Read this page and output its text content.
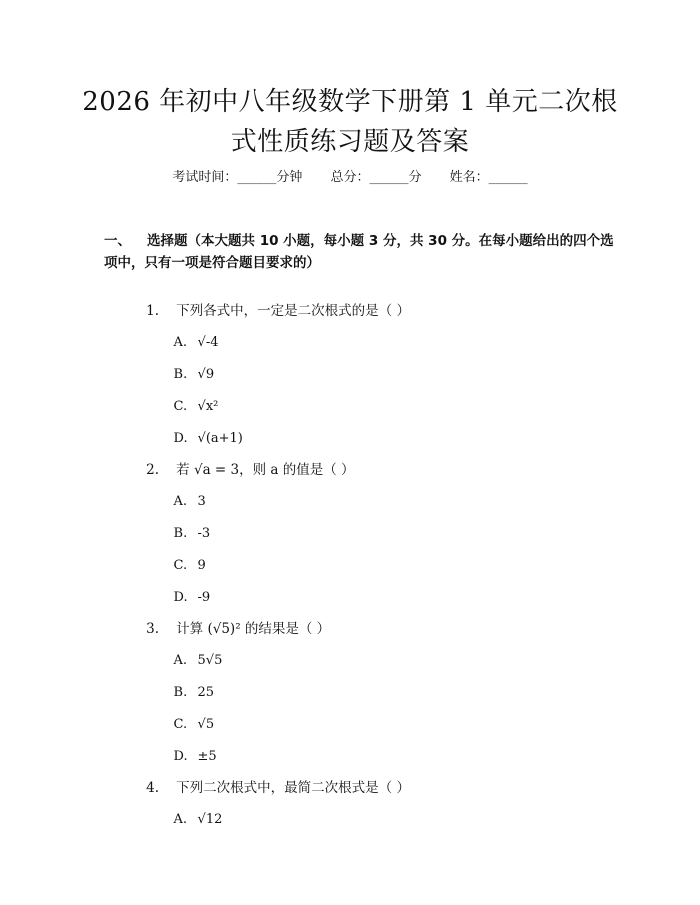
2026 年初中八年级数学下册第 1 单元二次根
式性质练习题及答案
考试时间：______分钟 总分：______分 姓名：______
一、 选择题（本大题共 10 小题，每小题 3 分，共 30 分。在每小题给出的四个选项中，只有一项是符合题目要求的）

1. 下列各式中，一定是二次根式的是（ ）

A. √-4

B. √9

C. √x²

D. √(a+1)

2. 若 √a = 3，则 a 的值是（ ）

A. 3

B. -3

C. 9

D. -9

3. 计算 (√5)² 的结果是（ ）

A. 5√5

B. 25

C. √5

D. ±5

4. 下列二次根式中，最简二次根式是（ ）

A. √12
